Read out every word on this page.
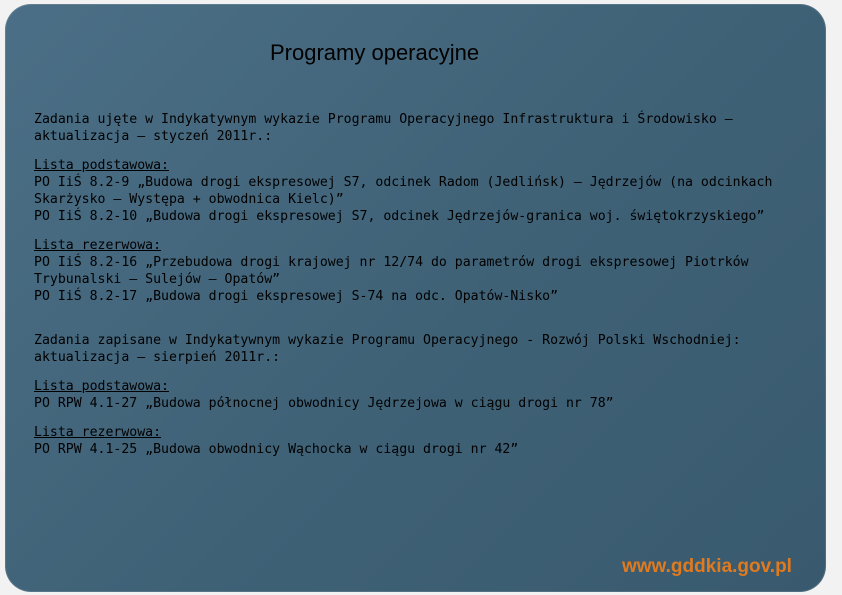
Programy operacyjne
Zadania ujęte w Indykatywnym wykazie Programu Operacyjnego Infrastruktura i Środowisko –
aktualizacja – styczeń 2011r.:
Lista podstawowa:
PO IiŚ 8.2-9 „Budowa drogi ekspresowej S7, odcinek Radom (Jedlińsk) – Jędrzejów (na odcinkach
Skarżysko – Występa + obwodnica Kielc)”
PO IiŚ 8.2-10 „Budowa drogi ekspresowej S7, odcinek Jędrzejów-granica woj. świętokrzyskiego”
Lista rezerwowa:
PO IiŚ 8.2-16 „Przebudowa drogi krajowej nr 12/74 do parametrów drogi ekspresowej Piotrków
Trybunalski – Sulejów – Opatów”
PO IiŚ 8.2-17 „Budowa drogi ekspresowej S-74 na odc. Opatów-Nisko”
Zadania zapisane w Indykatywnym wykazie Programu Operacyjnego - Rozwój Polski Wschodniej:
aktualizacja – sierpień 2011r.:
Lista podstawowa:
PO RPW 4.1-27 „Budowa północnej obwodnicy Jędrzejowa w ciągu drogi nr 78”
Lista rezerwowa:
PO RPW 4.1-25 „Budowa obwodnicy Wąchocka w ciągu drogi nr 42”
www.gddkia.gov.pl
